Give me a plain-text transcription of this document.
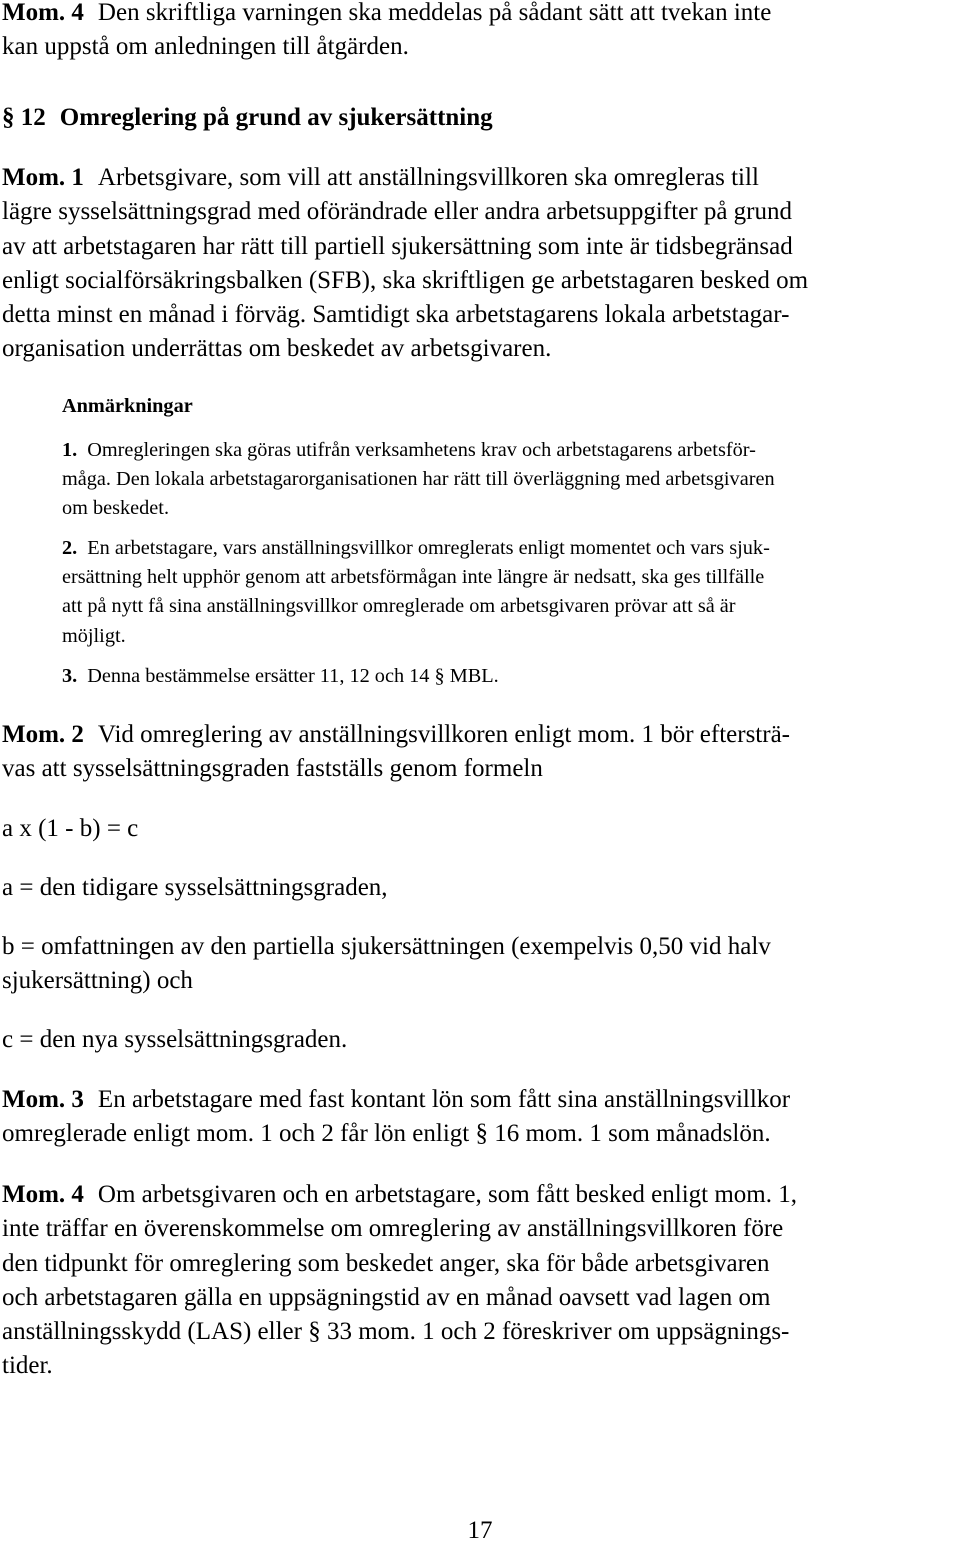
Mom. 4 Den skriftliga varningen ska meddelas på sådant sätt att tvekan inte
kan uppstå om anledningen till åtgärden.
§ 12 Omreglering på grund av sjukersättning
Mom. 1 Arbetsgivare, som vill att anställningsvillkoren ska omregleras till
lägre sysselsättningsgrad med oförändrade eller andra arbetsuppgifter på grund
av att arbetstagaren har rätt till partiell sjukersättning som inte är tidsbegränsad
enligt socialförsäkringsbalken (SFB), ska skriftligen ge arbetstagaren besked om
detta minst en månad i förväg. Samtidigt ska arbetstagarens lokala arbetstagar-
organisation underrättas om beskedet av arbetsgivaren.
Anmärkningar
1. Omregleringen ska göras utifrån verksamhetens krav och arbetstagarens arbetsför-
måga. Den lokala arbetstagarorganisationen har rätt till överläggning med arbetsgivaren
om beskedet.
2. En arbetstagare, vars anställningsvillkor omreglerats enligt momentet och vars sjuk-
ersättning helt upphör genom att arbetsförmågan inte längre är nedsatt, ska ges tillfälle
att på nytt få sina anställningsvillkor omreglerade om arbetsgivaren prövar att så är
möjligt.
3. Denna bestämmelse ersätter 11, 12 och 14 § MBL.
Mom. 2 Vid omreglering av anställningsvillkoren enligt mom. 1 bör eftersträ-
vas att sysselsättningsgraden fastställs genom formeln
a x (1 - b) = c
a = den tidigare sysselsättningsgraden,
b = omfattningen av den partiella sjukersättningen (exempelvis 0,50 vid halv
sjukersättning) och
c = den nya sysselsättningsgraden.
Mom. 3 En arbetstagare med fast kontant lön som fått sina anställningsvillkor
omreglerade enligt mom. 1 och 2 får lön enligt § 16 mom. 1 som månadslön.
Mom. 4 Om arbetsgivaren och en arbetstagare, som fått besked enligt mom. 1,
inte träffar en överenskommelse om omreglering av anställningsvillkoren före
den tidpunkt för omreglering som beskedet anger, ska för både arbetsgivaren
och arbetstagaren gälla en uppsägningstid av en månad oavsett vad lagen om
anställningsskydd (LAS) eller § 33 mom. 1 och 2 föreskriver om uppsägnings-
tider.
17
